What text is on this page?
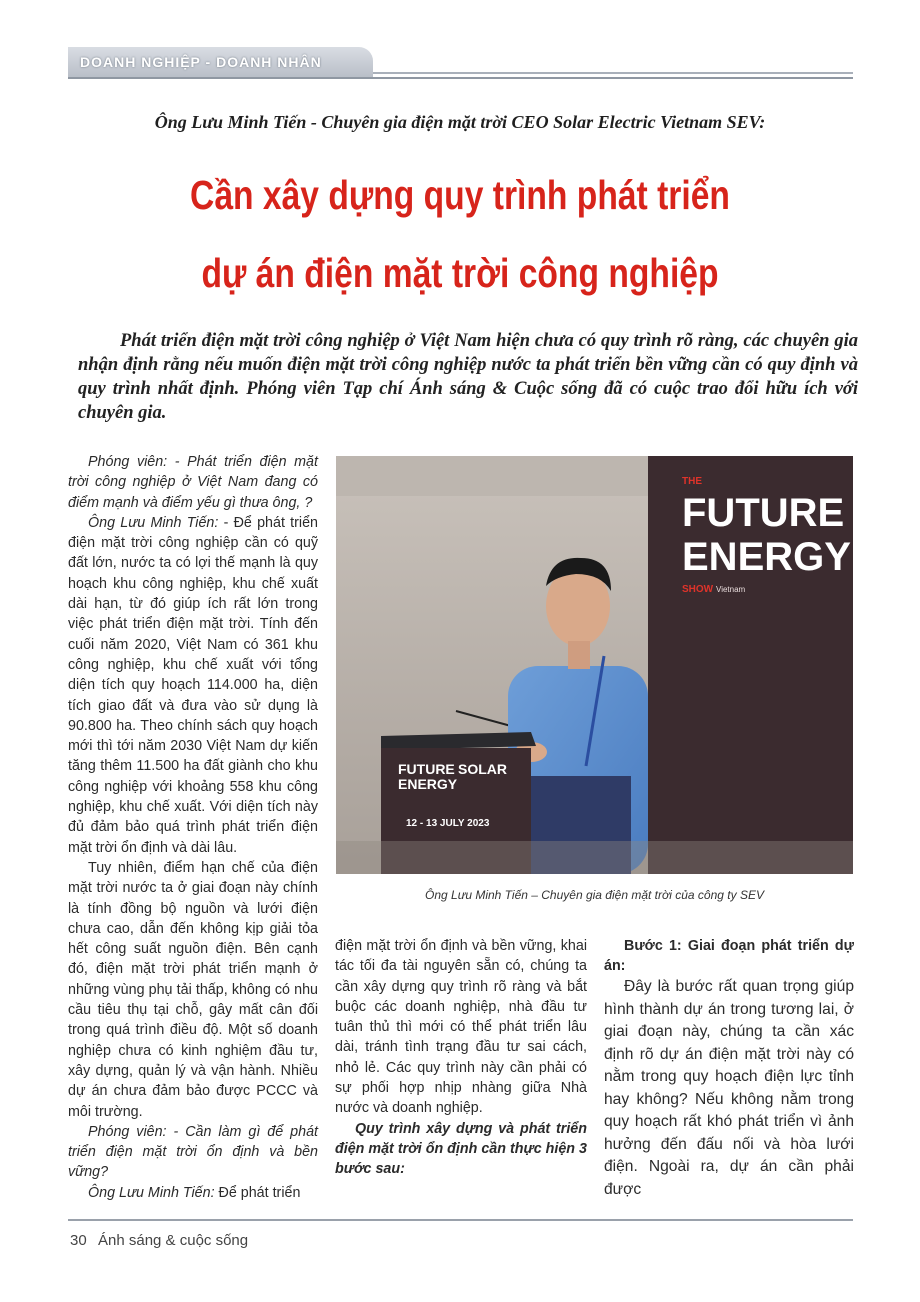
DOANH NGHIỆP - DOANH NHÂN
Ông Lưu Minh Tiến - Chuyên gia điện mặt trời CEO Solar Electric Vietnam SEV:
Cần xây dựng quy trình phát triển
dự án điện mặt trời công nghiệp
Phát triển điện mặt trời công nghiệp ở Việt Nam hiện chưa có quy trình rõ ràng, các chuyên gia nhận định rằng nếu muốn điện mặt trời công nghiệp nước ta phát triển bền vững cần có quy định và quy trình nhất định. Phóng viên Tạp chí Ánh sáng & Cuộc sống đã có cuộc trao đổi hữu ích với chuyên gia.

Phóng viên: - Phát triển điện mặt trời công nghiệp ở Việt Nam đang có điểm mạnh và điểm yếu gì thưa ông, ?

Ông Lưu Minh Tiến: - Để phát triển điện mặt trời công nghiệp cần có quỹ đất lớn, nước ta có lợi thế mạnh là quy hoạch khu công nghiệp, khu chế xuất dài hạn, từ đó giúp ích rất lớn trong việc phát triển điện mặt trời. Tính đến cuối năm 2020, Việt Nam có 361 khu công nghiệp, khu chế xuất với tổng diện tích quy hoạch 114.000 ha, diện tích giao đất và đưa vào sử dụng là 90.800 ha. Theo chính sách quy hoạch mới thì tới năm 2030 Việt Nam dự kiến tăng thêm 11.500 ha đất giành cho khu công nghiệp với khoảng 558 khu công nghiệp, khu chế xuất. Với diện tích này đủ đảm bảo quá trình phát triển điện mặt trời ổn định và dài lâu.

Tuy nhiên, điểm hạn chế của điện mặt trời nước ta ở giai đoạn này chính là tính đồng bộ nguồn và lưới điện chưa cao, dẫn đến không kịp giải tỏa hết công suất nguồn điện. Bên cạnh đó, điện mặt trời phát triển mạnh ở những vùng phụ tải thấp, không có nhu cầu tiêu thụ tại chỗ, gây mất cân đối trong quá trình điều độ. Một số doanh nghiệp chưa có kinh nghiệm đầu tư, xây dựng, quản lý và vận hành. Nhiều dự án chưa đảm bảo được PCCC và môi trường.

Phóng viên: - Cần làm gì để phát triển điện mặt trời ổn định và bền vững?

Ông Lưu Minh Tiến: Để phát triển

THE
FUTURE
ENERGY
SHOW Vietnam
FUTURE
ENERGY
SOLAR
12 - 13 JULY 2023
Ông Lưu Minh Tiến – Chuyên gia điện mặt trời của công ty SEV

điện mặt trời ổn định và bền vững, khai tác tối đa tài nguyên sẵn có, chúng ta cần xây dựng quy trình rõ ràng và bắt buộc các doanh nghiệp, nhà đầu tư tuân thủ thì mới có thể phát triển lâu dài, tránh tình trạng đầu tư sai cách, nhỏ lẻ. Các quy trình này cần phải có sự phối hợp nhịp nhàng giữa Nhà nước và doanh nghiệp.

Quy trình xây dựng và phát triển điện mặt trời ổn định cần thực hiện 3 bước sau:

Bước 1: Giai đoạn phát triển dự án:

Đây là bước rất quan trọng giúp hình thành dự án trong tương lai, ở giai đoạn này, chúng ta cần xác định rõ dự án điện mặt trời này có nằm trong quy hoạch điện lực tỉnh hay không? Nếu không nằm trong quy hoạch rất khó phát triển vì ảnh hưởng đến đấu nối và hòa lưới điện. Ngoài ra, dự án cần phải được

30 Ánh sáng & cuộc sống
